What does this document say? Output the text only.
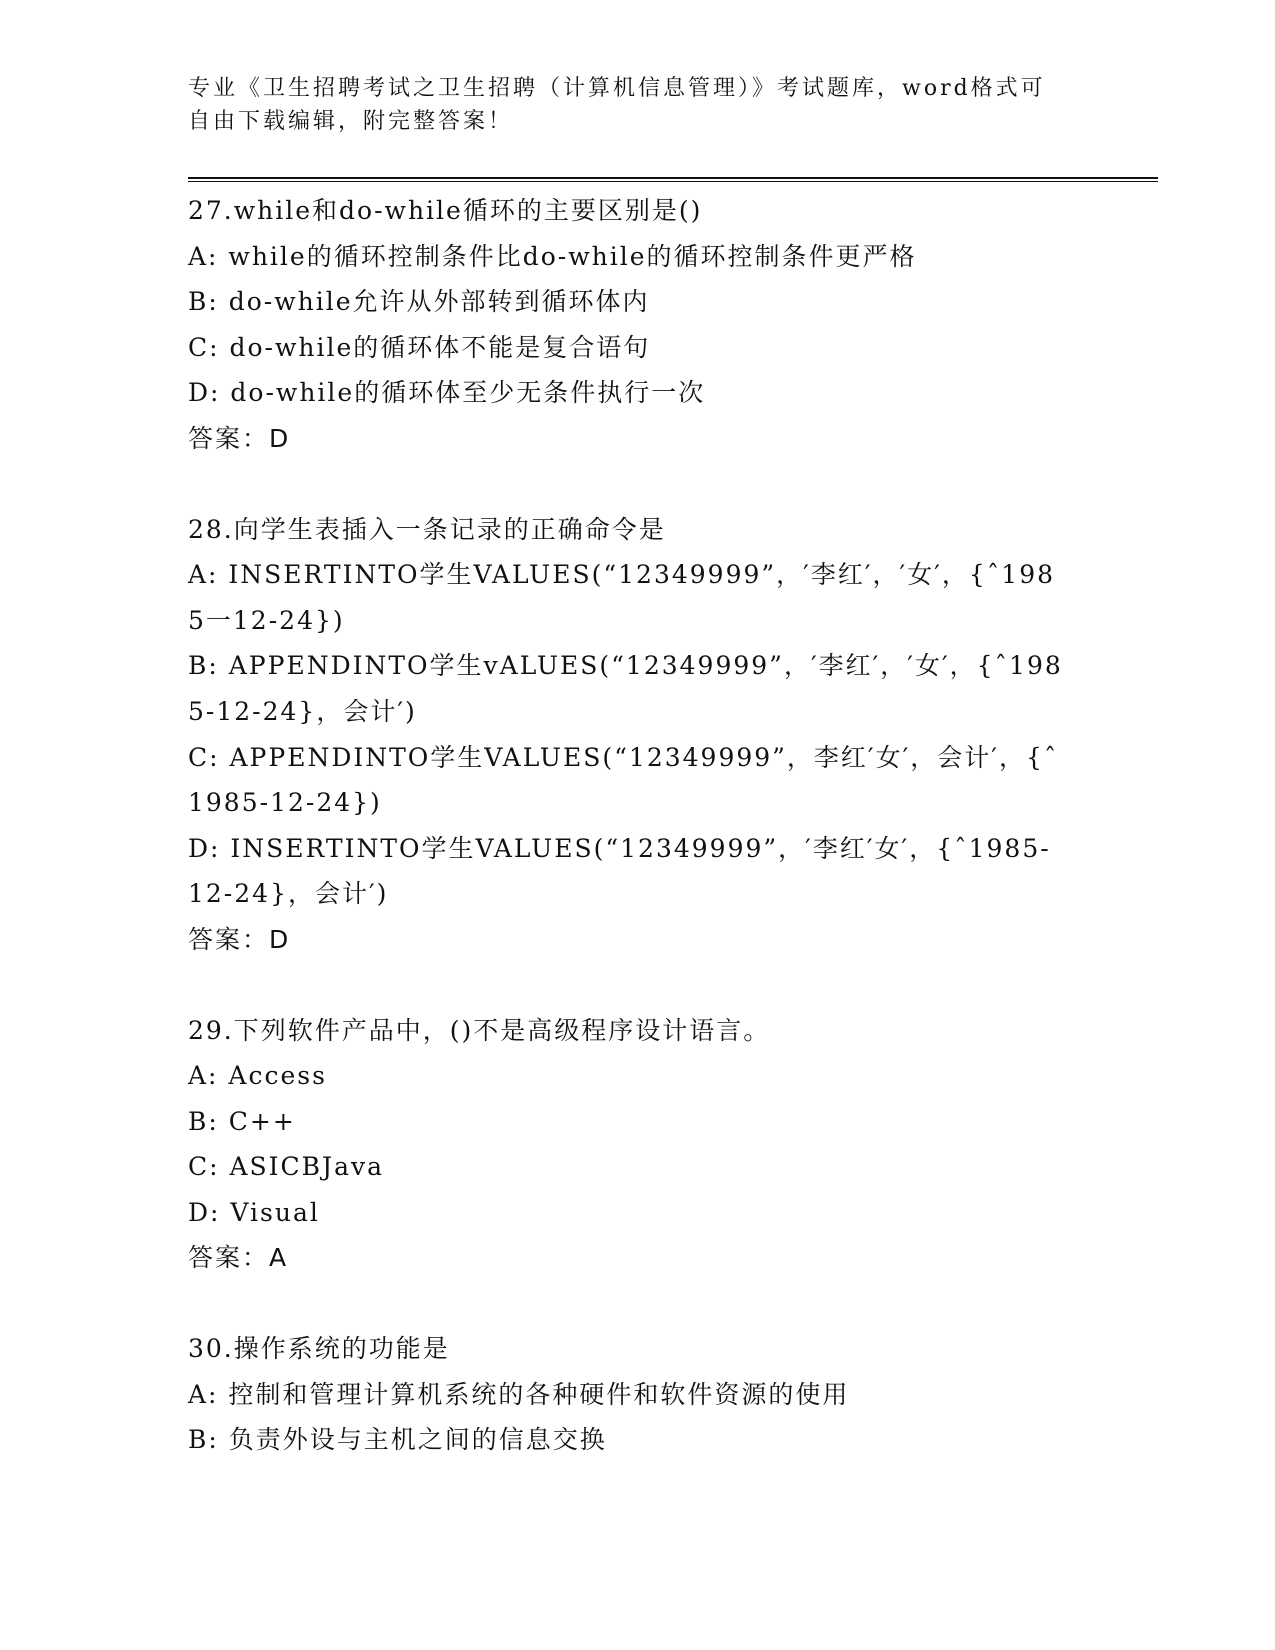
专业《卫生招聘考试之卫生招聘（计算机信息管理）》考试题库，word格式可自由下载编辑，附完整答案！
27.while和do-while循环的主要区别是()
A: while的循环控制条件比do-while的循环控制条件更严格
B: do-while允许从外部转到循环体内
C: do-while的循环体不能是复合语句
D: do-while的循环体至少无条件执行一次
答案：D
28.向学生表插入一条记录的正确命令是
A: INSERTINTO学生VALUES(“12349999”，′李红′，′女′，{ˆ1985一12-24})
B: APPENDINTO学生vALUES(“12349999”，′李红′，′女′，{ˆ1985-12-24}，会计′)
C: APPENDINTO学生VALUES(“12349999”，李红′女′，会计′，{ˆ1985-12-24})
D: INSERTINTO学生VALUES(“12349999”，′李红′女′，{ˆ1985-12-24}，会计′)
答案：D
29.下列软件产品中，()不是高级程序设计语言。
A: Access
B: C++
C: ASICBJava
D: Visual
答案：A
30.操作系统的功能是
A: 控制和管理计算机系统的各种硬件和软件资源的使用
B: 负责外设与主机之间的信息交换
